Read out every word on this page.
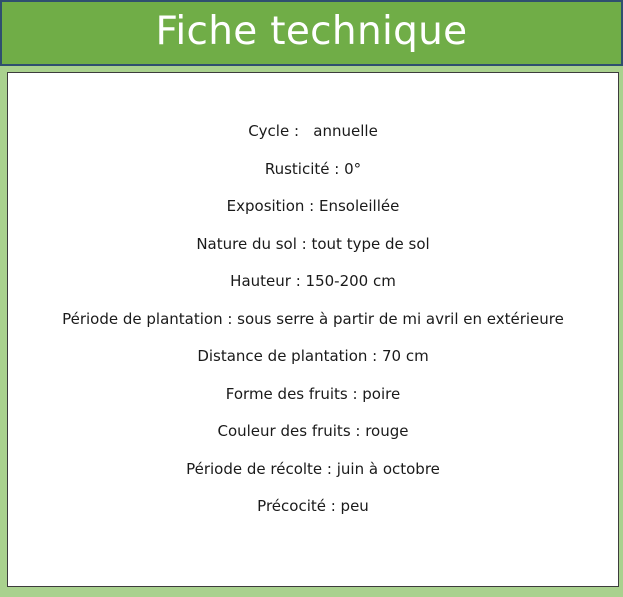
Fiche technique
Cycle :   annuelle
Rusticité : 0°
Exposition : Ensoleillée
Nature du sol : tout type de sol
Hauteur : 150-200 cm
Période de plantation : sous serre à partir de mi avril en extérieure
Distance de plantation : 70 cm
Forme des fruits : poire
Couleur des fruits : rouge
Période de récolte : juin à octobre
Précocité : peu
